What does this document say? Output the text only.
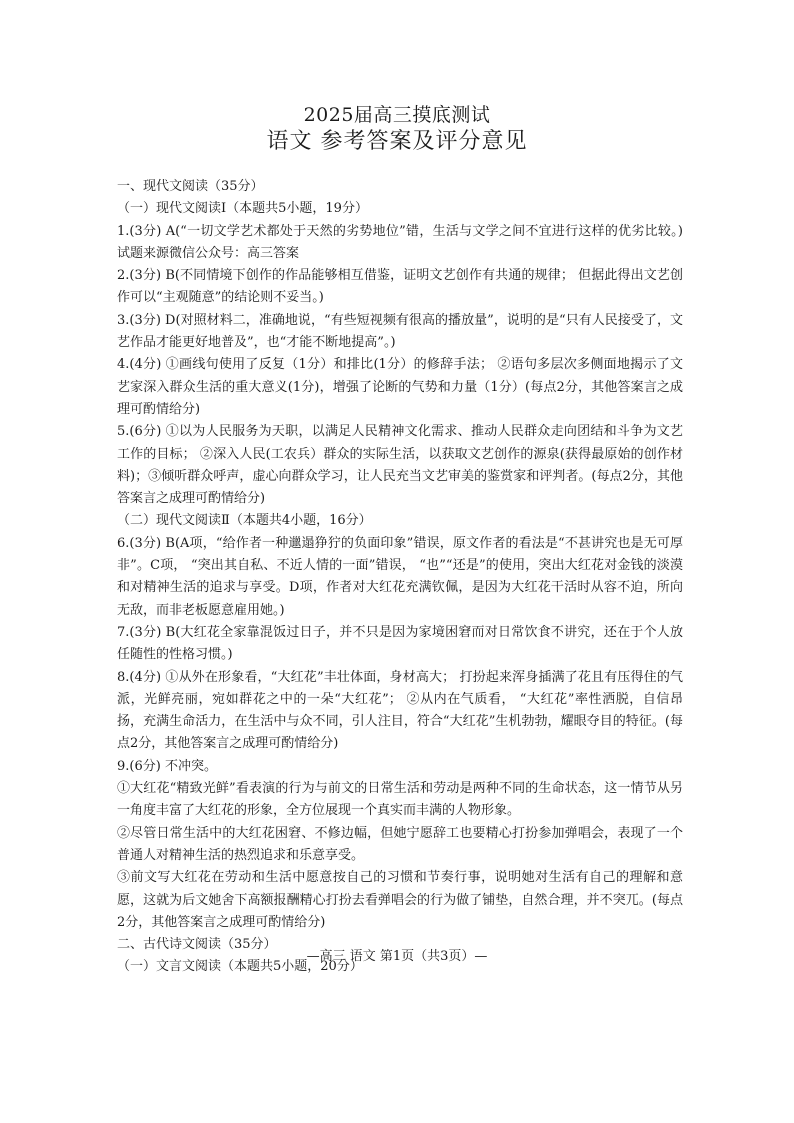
2025届高三摸底测试
语文 参考答案及评分意见

一、现代文阅读（35分）

（一）现代文阅读Ⅰ（本题共5小题，19分）

1.(3分) A(“一切文学艺术都处于天然的劣势地位”错，生活与文学之间不宜进行这样的优劣比较。)试题来源微信公众号：高三答案

2.(3分) B(不同情境下创作的作品能够相互借鉴，证明文艺创作有共通的规律； 但据此得出文艺创作可以“主观随意”的结论则不妥当。)

3.(3分) D(对照材料二，准确地说，“有些短视频有很高的播放量”，说明的是“只有人民接受了，文艺作品才能更好地普及”，也“才能不断地提高”。)

4.(4分) ①画线句使用了反复（1分）和排比(1分）的修辞手法； ②语句多层次多侧面地揭示了文艺家深入群众生活的重大意义(1分)，增强了论断的气势和力量（1分）(每点2分，其他答案言之成理可酌情给分)

5.(6分) ①以为人民服务为天职，以满足人民精神文化需求、推动人民群众走向团结和斗争为文艺工作的目标； ②深入人民(工农兵）群众的实际生活，以获取文艺创作的源泉(获得最原始的创作材料)；③倾听群众呼声，虚心向群众学习，让人民充当文艺审美的鉴赏家和评判者。(每点2分，其他答案言之成理可酌情给分)

（二）现代文阅读Ⅱ（本题共4小题，16分）

6.(3分) B(A项，“给作者一种邋遢狰狞的负面印象”错误，原文作者的看法是“不甚讲究也是无可厚非”。C项， “突出其自私、不近人情的一面”错误， “也”“还是”的使用，突出大红花对金钱的淡漠和对精神生活的追求与享受。D项，作者对大红花充满钦佩，是因为大红花干活时从容不迫，所向无敌，而非老板愿意雇用她。)

7.(3分) B(大红花全家靠混饭过日子，并不只是因为家境困窘而对日常饮食不讲究，还在于个人放任随性的性格习惯。)

8.(4分) ①从外在形象看，“大红花”丰壮体面，身材高大； 打扮起来浑身插满了花且有压得住的气派，光鲜亮丽，宛如群花之中的一朵“大红花”； ②从内在气质看， “大红花”率性洒脱，自信昂扬，充满生命活力，在生活中与众不同，引人注目，符合“大红花”生机勃勃，耀眼夺目的特征。(每点2分，其他答案言之成理可酌情给分)

9.(6分) 不冲突。

①大红花“精致光鲜”看表演的行为与前文的日常生活和劳动是两种不同的生命状态，这一情节从另一角度丰富了大红花的形象，全方位展现一个真实而丰满的人物形象。

②尽管日常生活中的大红花困窘、不修边幅，但她宁愿辞工也要精心打扮参加弹唱会，表现了一个普通人对精神生活的热烈追求和乐意享受。

③前文写大红花在劳动和生活中愿意按自己的习惯和节奏行事，说明她对生活有自己的理解和意愿，这就为后文她舍下高额报酬精心打扮去看弹唱会的行为做了铺垫，自然合理，并不突兀。(每点2分，其他答案言之成理可酌情给分)

二、古代诗文阅读（35分）

（一）文言文阅读（本题共5小题，20分）

—高三 语文 第1页（共3页）—
